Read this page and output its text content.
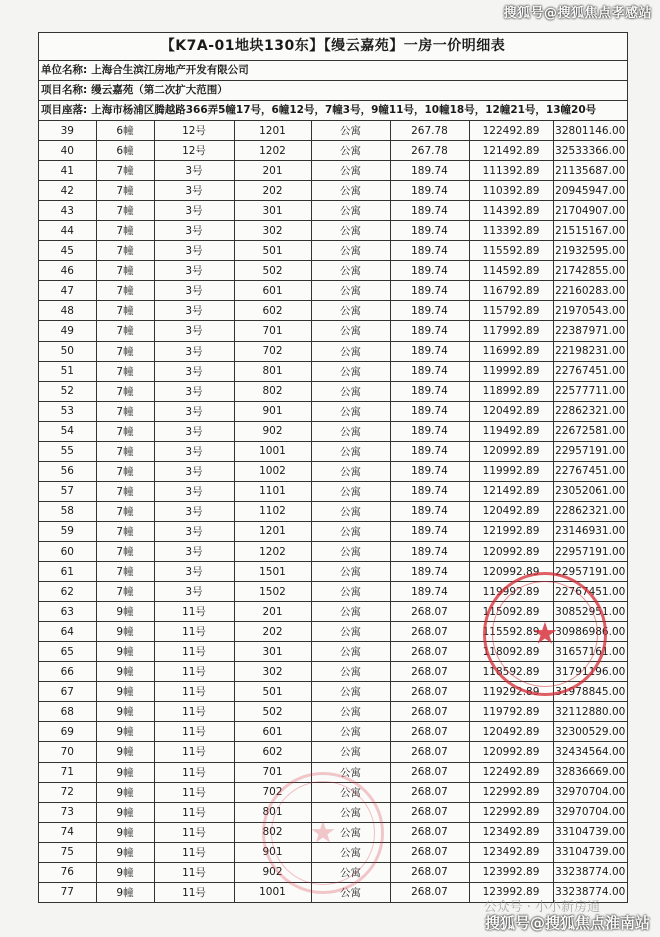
搜狐号@搜狐焦点孝感站
【K7A-01地块130东】【缦云嘉苑】一房一价明细表
单位名称: 上海合生滨江房地产开发有限公司
项目名称: 缦云嘉苑（第二次扩大范围）
项目座落: 上海市杨浦区腾越路366弄5幢17号，6幢12号，7幢3号，9幢11号，10幢18号，12幢21号，13幢20号
39	6幢	12号	1201	公寓	267.78	122492.89	32801146.00
40	6幢	12号	1202	公寓	267.78	121492.89	32533366.00
41	7幢	3号	201	公寓	189.74	111392.89	21135687.00
42	7幢	3号	202	公寓	189.74	110392.89	20945947.00
43	7幢	3号	301	公寓	189.74	114392.89	21704907.00
44	7幢	3号	302	公寓	189.74	113392.89	21515167.00
45	7幢	3号	501	公寓	189.74	115592.89	21932595.00
46	7幢	3号	502	公寓	189.74	114592.89	21742855.00
47	7幢	3号	601	公寓	189.74	116792.89	22160283.00
48	7幢	3号	602	公寓	189.74	115792.89	21970543.00
49	7幢	3号	701	公寓	189.74	117992.89	22387971.00
50	7幢	3号	702	公寓	189.74	116992.89	22198231.00
51	7幢	3号	801	公寓	189.74	119992.89	22767451.00
52	7幢	3号	802	公寓	189.74	118992.89	22577711.00
53	7幢	3号	901	公寓	189.74	120492.89	22862321.00
54	7幢	3号	902	公寓	189.74	119492.89	22672581.00
55	7幢	3号	1001	公寓	189.74	120992.89	22957191.00
56	7幢	3号	1002	公寓	189.74	119992.89	22767451.00
57	7幢	3号	1101	公寓	189.74	121492.89	23052061.00
58	7幢	3号	1102	公寓	189.74	120492.89	22862321.00
59	7幢	3号	1201	公寓	189.74	121992.89	23146931.00
60	7幢	3号	1202	公寓	189.74	120992.89	22957191.00
61	7幢	3号	1501	公寓	189.74	120992.89	22957191.00
62	7幢	3号	1502	公寓	189.74	119992.89	22767451.00
63	9幢	11号	201	公寓	268.07	115092.89	30852951.00
64	9幢	11号	202	公寓	268.07	115592.89	30986986.00
65	9幢	11号	301	公寓	268.07	118092.89	31657161.00
66	9幢	11号	302	公寓	268.07	118592.89	31791196.00
67	9幢	11号	501	公寓	268.07	119292.89	31978845.00
68	9幢	11号	502	公寓	268.07	119792.89	32112880.00
69	9幢	11号	601	公寓	268.07	120492.89	32300529.00
70	9幢	11号	602	公寓	268.07	120992.89	32434564.00
71	9幢	11号	701	公寓	268.07	122492.89	32836669.00
72	9幢	11号	702	公寓	268.07	122992.89	32970704.00
73	9幢	11号	801	公寓	268.07	122992.89	32970704.00
74	9幢	11号	802	公寓	268.07	123492.89	33104739.00
75	9幢	11号	901	公寓	268.07	123492.89	33104739.00
76	9幢	11号	902	公寓	268.07	123992.89	33238774.00
77	9幢	11号	1001	公寓	268.07	123992.89	33238774.00
★
★
公众号 · 小小新房通
搜狐号@搜狐焦点淮南站
